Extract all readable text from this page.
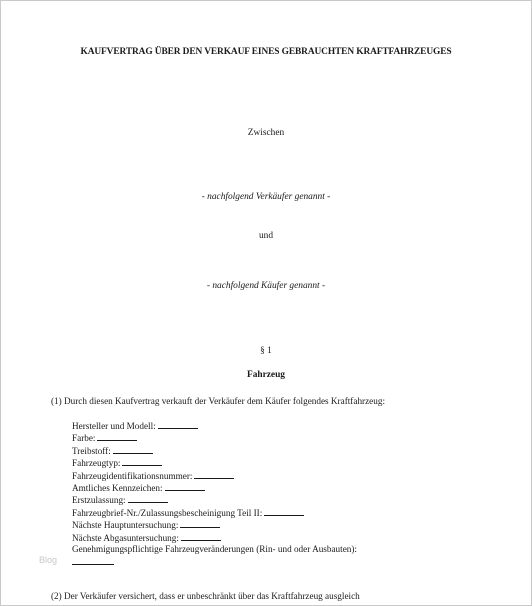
KAUFVERTRAG ÜBER DEN VERKAUF EINES GEBRAUCHTEN KRAFTFAHRZEUGES
Zwischen
- nachfolgend Verkäufer genannt -
und
- nachfolgend Käufer genannt -
§ 1
Fahrzeug
(1) Durch diesen Kaufvertrag verkauft der Verkäufer dem Käufer folgendes Kraftfahrzeug:
Hersteller und Modell:
Farbe:
Treibstoff:
Fahrzeugtyp:
Fahrzeugidentifikationsnummer:
Amtliches Kennzeichen:
Erstzulassung:
Fahrzeugbrief-Nr./Zulassungsbescheinigung Teil II:
Nächste Hauptuntersuchung:
Nächste Abgasuntersuchung:
Genehmigungspflichtige Fahrzeugveränderungen (Rin- und oder Ausbauten):
(2) Der Verkäufer versichert, dass er unbeschränkt über das Kraftfahrzeug ausgleich
Blog
